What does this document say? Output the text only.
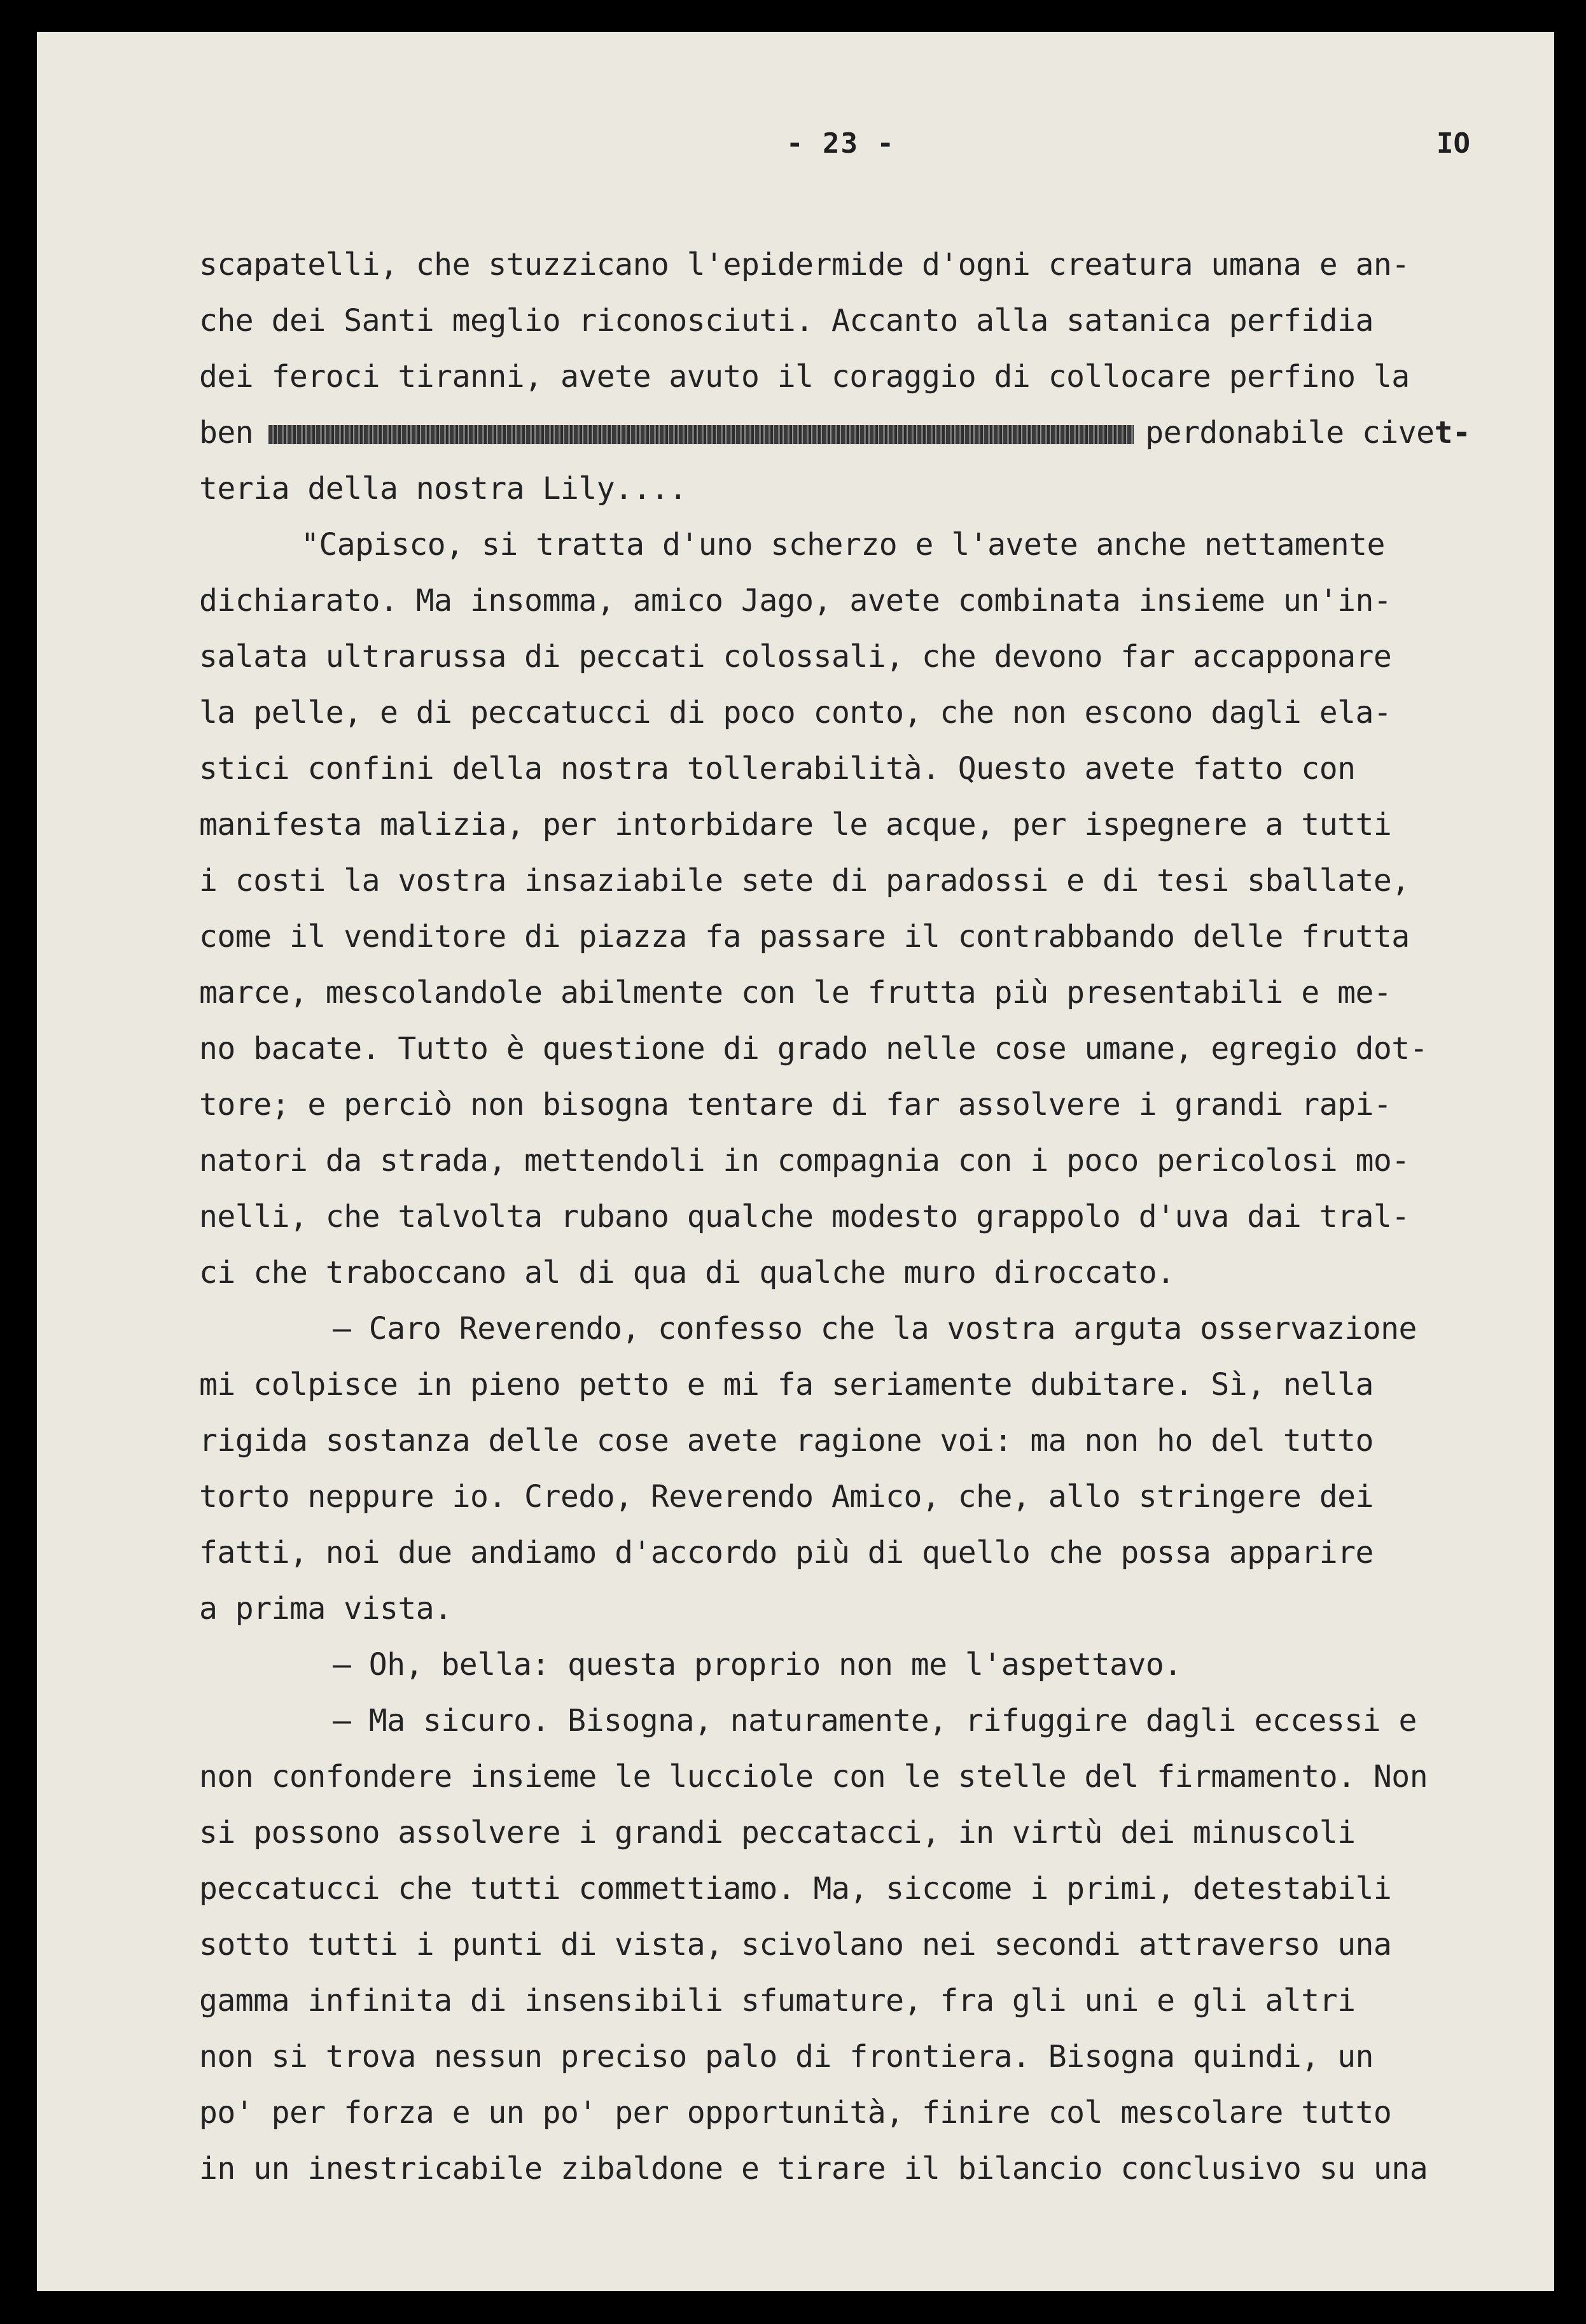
- 23 -	IO
scapatelli, che stuzzicano l'epidermide d'ogni creatura umana e an-
che dei Santi meglio riconosciuti. Accanto alla satanica perfidia
dei feroci tiranni, avete avuto il coraggio di collocare perfino la
ben	perdonabile civet-
teria della nostra Lily....
"Capisco, si tratta d'uno scherzo e l'avete anche nettamente
dichiarato. Ma insomma, amico Jago, avete combinata insieme un'in-
salata ultrarussa di peccati colossali, che devono far accapponare
la pelle, e di peccatucci di poco conto, che non escono dagli ela-
stici confini della nostra tollerabilità. Questo avete fatto con
manifesta malizia, per intorbidare le acque, per ispegnere a tutti
i costi la vostra insaziabile sete di paradossi e di tesi sballate,
come il venditore di piazza fa passare il contrabbando delle frutta
marce, mescolandole abilmente con le frutta più presentabili e me-
no bacate. Tutto è questione di grado nelle cose umane, egregio dot-
tore; e perciò non bisogna tentare di far assolvere i grandi rapi-
natori da strada, mettendoli in compagnia con i poco pericolosi mo-
nelli, che talvolta rubano qualche modesto grappolo d'uva dai tral-
ci che traboccano al di qua di qualche muro diroccato.
— Caro Reverendo, confesso che la vostra arguta osservazione
mi colpisce in pieno petto e mi fa seriamente dubitare. Sì, nella
rigida sostanza delle cose avete ragione voi: ma non ho del tutto
torto neppure io. Credo, Reverendo Amico, che, allo stringere dei
fatti, noi due andiamo d'accordo più di quello che possa apparire
a prima vista.
— Oh, bella: questa proprio non me l'aspettavo.
— Ma sicuro. Bisogna, naturamente, rifuggire dagli eccessi e
non confondere insieme le lucciole con le stelle del firmamento. Non
si possono assolvere i grandi peccatacci, in virtù dei minuscoli
peccatucci che tutti commettiamo. Ma, siccome i primi, detestabili
sotto tutti i punti di vista, scivolano nei secondi attraverso una
gamma infinita di insensibili sfumature, fra gli uni e gli altri
non si trova nessun preciso palo di frontiera. Bisogna quindi, un
po' per forza e un po' per opportunità, finire col mescolare tutto
in un inestricabile zibaldone e tirare il bilancio conclusivo su una
